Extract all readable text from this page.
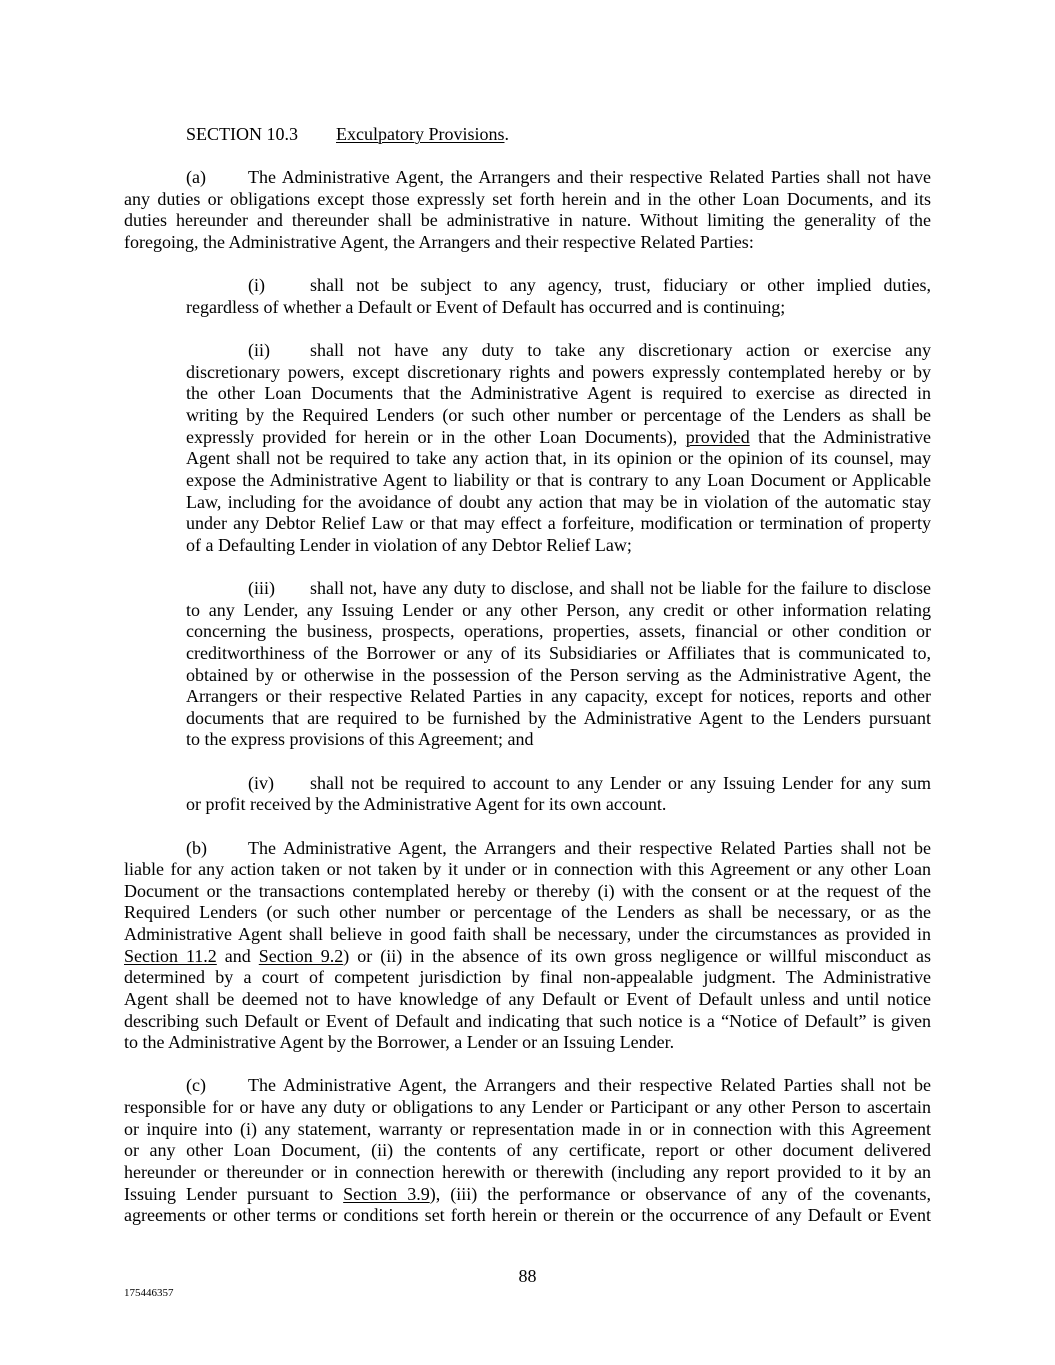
SECTION 10.3 Exculpatory Provisions.
(a) The Administrative Agent, the Arrangers and their respective Related Parties shall not have
any duties or obligations except those expressly set forth herein and in the other Loan Documents, and its
duties hereunder and thereunder shall be administrative in nature. Without limiting the generality of the
foregoing, the Administrative Agent, the Arrangers and their respective Related Parties:
(i)	shall not be subject to any agency, trust, fiduciary or other implied duties,
regardless of whether a Default or Event of Default has occurred and is continuing;
(ii) shall not have any duty to take any discretionary action or exercise any
discretionary powers, except discretionary rights and powers expressly contemplated hereby or by
the other Loan Documents that the Administrative Agent is required to exercise as directed in
writing by the Required Lenders (or such other number or percentage of the Lenders as shall be
expressly provided for herein or in the other Loan Documents), provided that the Administrative
Agent shall not be required to take any action that, in its opinion or the opinion of its counsel, may
expose the Administrative Agent to liability or that is contrary to any Loan Document or Applicable
Law, including for the avoidance of doubt any action that may be in violation of the automatic stay
under any Debtor Relief Law or that may effect a forfeiture, modification or termination of property
of a Defaulting Lender in violation of any Debtor Relief Law;
(iii) shall not, have any duty to disclose, and shall not be liable for the failure to disclose
to any Lender, any Issuing Lender or any other Person, any credit or other information relating
concerning the business, prospects, operations, properties, assets, financial or other condition or
creditworthiness of the Borrower or any of its Subsidiaries or Affiliates that is communicated to,
obtained by or otherwise in the possession of the Person serving as the Administrative Agent, the
Arrangers or their respective Related Parties in any capacity, except for notices, reports and other
documents that are required to be furnished by the Administrative Agent to the Lenders pursuant
to the express provisions of this Agreement; and
(iv) shall not be required to account to any Lender or any Issuing Lender for any sum
or profit received by the Administrative Agent for its own account.
(b) The Administrative Agent, the Arrangers and their respective Related Parties shall not be
liable for any action taken or not taken by it under or in connection with this Agreement or any other Loan
Document or the transactions contemplated hereby or thereby (i) with the consent or at the request of the
Required Lenders (or such other number or percentage of the Lenders as shall be necessary, or as the
Administrative Agent shall believe in good faith shall be necessary, under the circumstances as provided in
Section 11.2 and Section 9.2) or (ii) in the absence of its own gross negligence or willful misconduct as
determined by a court of competent jurisdiction by final non-appealable judgment. The Administrative
Agent shall be deemed not to have knowledge of any Default or Event of Default unless and until notice
describing such Default or Event of Default and indicating that such notice is a “Notice of Default” is given
to the Administrative Agent by the Borrower, a Lender or an Issuing Lender.
(c) The Administrative Agent, the Arrangers and their respective Related Parties shall not be
responsible for or have any duty or obligations to any Lender or Participant or any other Person to ascertain
or inquire into (i) any statement, warranty or representation made in or in connection with this Agreement
or any other Loan Document, (ii) the contents of any certificate, report or other document delivered
hereunder or thereunder or in connection herewith or therewith (including any report provided to it by an
Issuing Lender pursuant to Section 3.9), (iii) the performance or observance of any of the covenants,
agreements or other terms or conditions set forth herein or therein or the occurrence of any Default or Event
88
175446357
